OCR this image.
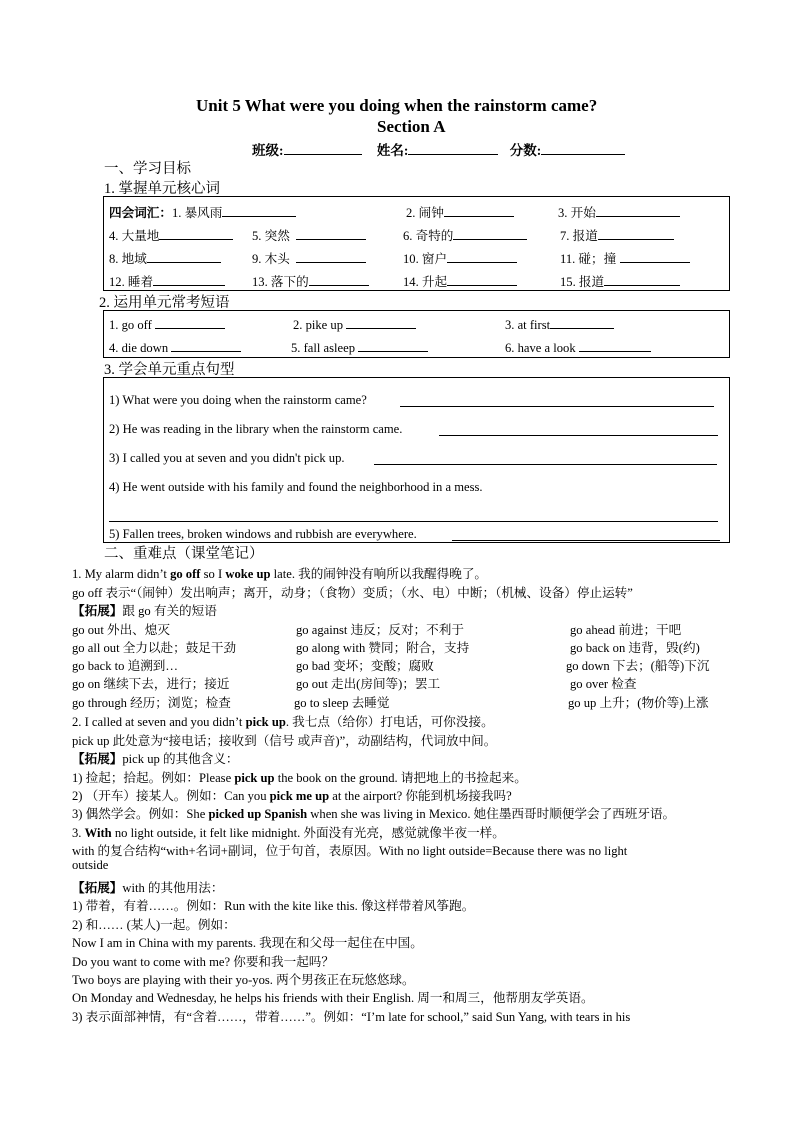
Unit 5 What were you doing when the rainstorm came?
Section A
班级:	姓名:	分数:
一、学习目标
1. 掌握单元核心词
四会词汇：1. 暴风雨	2. 闹钟	3. 开始
4. 大量地	5. 突然	6. 奇特的	7. 报道
8. 地域	9. 木头	10. 窗户	11. 碰；撞
12. 睡着	13. 落下的	14. 升起	15. 报道
2. 运用单元常考短语
1. go off	2. pike up	3. at first
4. die down	5. fall asleep	6. have a look
3. 学会单元重点句型
1) What were you doing when the rainstorm came?
2) He was reading in the library when the rainstorm came.
3) I called you at seven and you didn't pick up.
4) He went outside with his family and found the neighborhood in a mess.
5) Fallen trees, broken windows and rubbish are everywhere.
二、重难点（课堂笔记）
1. My alarm didn’t go off so I woke up late. 我的闹钟没有响所以我醒得晚了。
go off 表示“（闹钟）发出响声；离开，动身；（食物）变质；（水、电）中断；（机械、设备）停止运转”
【拓展】跟 go 有关的短语
go out 外出、熄灭	go against 违反；反对；不利于	go ahead 前进；干吧
go all out 全力以赴；鼓足干劲	go along with 赞同；附合，支持	go back on 违背，毁(约)
go back to 追溯到…	go bad 变坏；变酸；腐败	go down 下去；(船等)下沉
go on 继续下去，进行；接近	go out 走出(房间等)；罢工	go over 检查
go through 经历；浏览；检查	go to sleep 去睡觉	go up 上升；(物价等)上涨
2. I called at seven and you didn’t pick up. 我七点（给你）打电话，可你没接。
pick up 此处意为“接电话；接收到（信号 或声音)”，动副结构，代词放中间。
【拓展】pick up 的其他含义：
1) 捡起；拾起。例如：Please pick up the book on the ground. 请把地上的书捡起来。
2) （开车）接某人。例如：Can you pick me up at the airport? 你能到机场接我吗?
3) 偶然学会。例如：She picked up Spanish when she was living in Mexico. 她住墨西哥时顺便学会了西班牙语。
3. With no light outside, it felt like midnight. 外面没有光亮，感觉就像半夜一样。
with 的复合结构“with+名词+副词，位于句首，表原因。With no light outside=Because there was no light
outside
【拓展】with 的其他用法：
1) 带着，有着……。例如：Run with the kite like this. 像这样带着风筝跑。
2) 和…… (某人)一起。例如：
Now I am in China with my parents. 我现在和父母一起住在中国。
Do you want to come with me? 你要和我一起吗？
Two boys are playing with their yo-yos. 两个男孩正在玩悠悠球。
On Monday and Wednesday, he helps his friends with their English. 周一和周三，他帮朋友学英语。
3) 表示面部神情，有“含着……，带着……”。例如：“I’m late for school,” said Sun Yang, with tears in his
